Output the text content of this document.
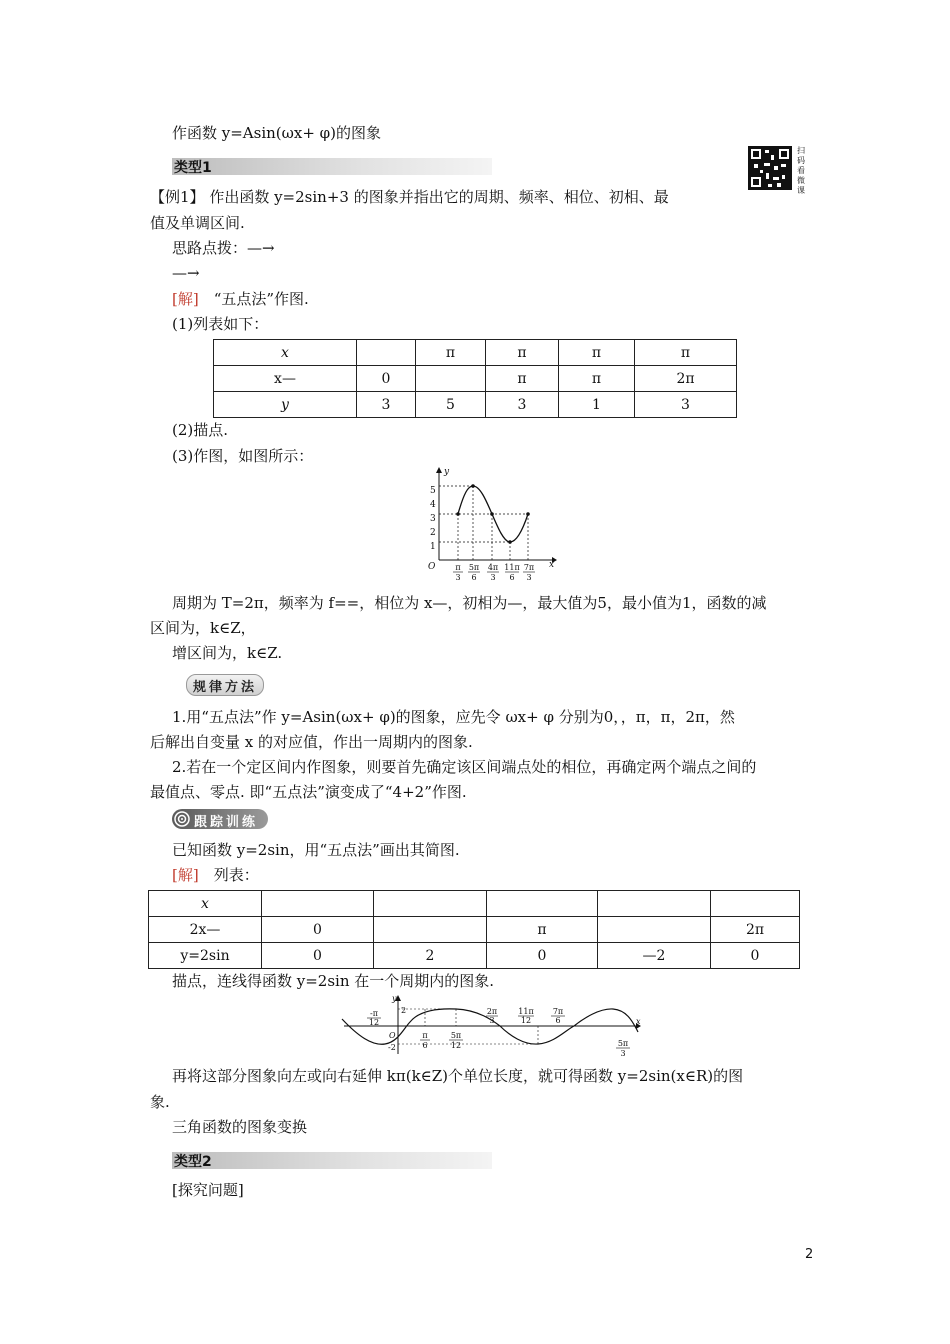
作函数 y=Asin(ωx+ φ)的图象
类型1
扫码看微课
【例1】 作出函数 y=2sin+3 的图象并指出它的周期、频率、相位、初相、最
值及单调区间.
思路点拨：—→
—→
[解]　“五点法”作图.
(1)列表如下：
x		π	π	π	π
x—	0		π	π	2π
y	3	5	3	1	3
(2)描点.
(3)作图，如图所示：
y
x
O
1
2
3
4
5
π
3
5π
6
4π
3
11π
6
7π
3
周期为 T=2π，频率为 f==，相位为 x—，初相为—，最大值为5，最小值为1，函数的减
区间为，k∈Z，
增区间为，k∈Z.
规律方法
1.用“五点法”作 y=Asin(ωx+ φ)的图象，应先令 ωx+ φ 分别为0，，π，π，2π，然
后解出自变量 x 的对应值，作出一周期内的图象.
2.若在一个定区间内作图象，则要首先确定该区间端点处的相位，再确定两个端点之间的
最值点、零点. 即“五点法”演变成了“4+2”作图.
跟踪训练
已知函数 y=2sin，用“五点法”画出其简图.
[解]　列表：
x					
2x—	0		π		2π
y=2sin	0	2	0	—2	0
描点，连线得函数 y=2sin 在一个周期内的图象.
y
x
O
2
-2
-π
12
2π
3
11π
12
7π
6
π
6
5π
12	5π
3
再将这部分图象向左或向右延伸 kπ(k∈Z)个单位长度，就可得函数 y=2sin(x∈R)的图
象.
三角函数的图象变换
类型2
[探究问题]
2
